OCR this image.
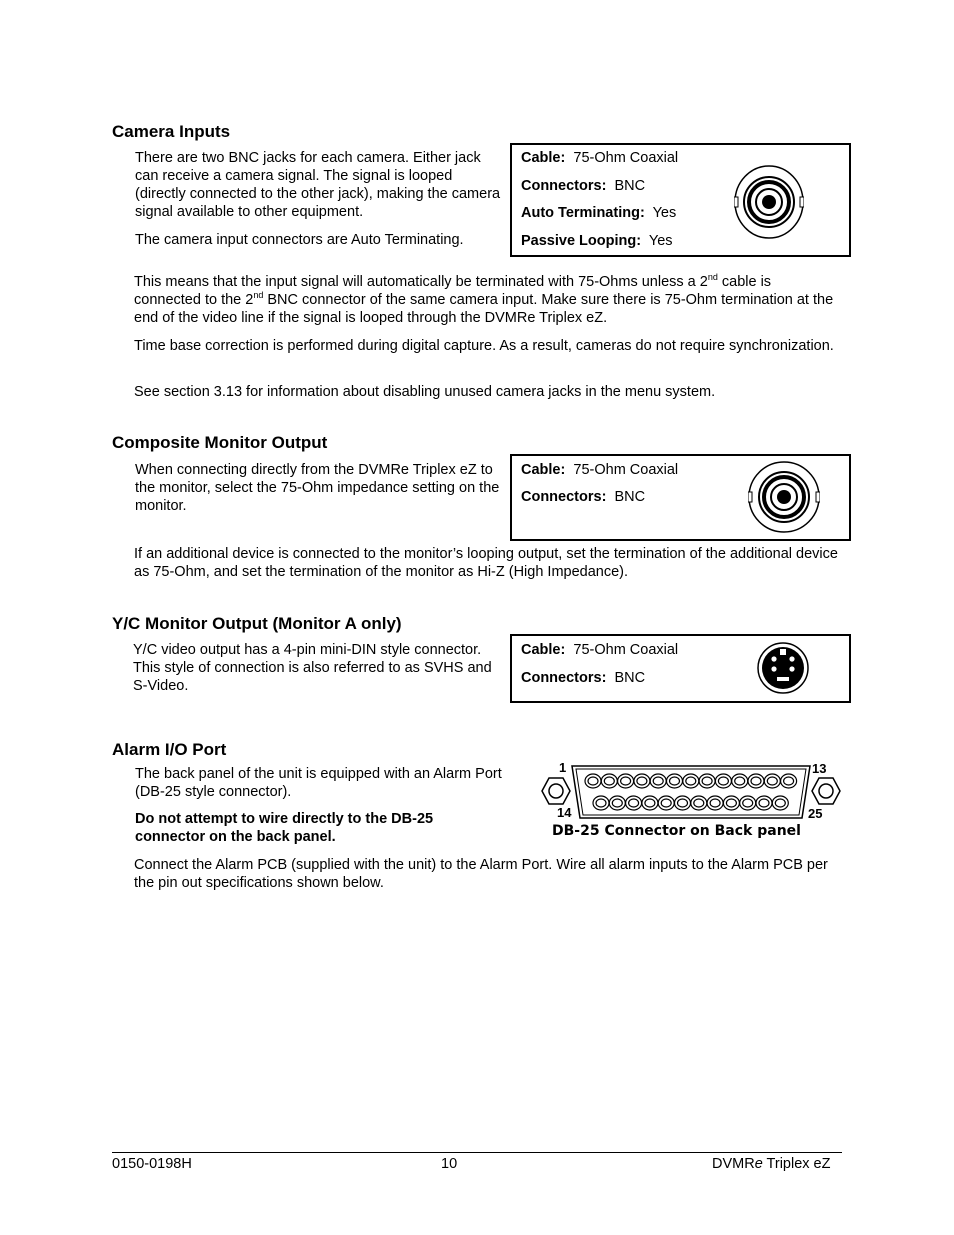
Camera Inputs

There are two BNC jacks for each camera. Either jack can receive a camera signal. The signal is looped (directly connected to the other jack), making the camera signal available to other equipment.

The camera input connectors are Auto Terminating.

Cable: 75-Ohm Coaxial
Connectors: BNC
Auto Terminating: Yes
Passive Looping: Yes

This means that the input signal will automatically be terminated with 75-Ohms unless a 2nd cable is connected to the 2nd BNC connector of the same camera input. Make sure there is 75-Ohm termination at the end of the video line if the signal is looped through the DVMRe Triplex eZ.

Time base correction is performed during digital capture. As a result, cameras do not require synchronization.

See section 3.13 for information about disabling unused camera jacks in the menu system.

Composite Monitor Output

When connecting directly from the DVMRe Triplex eZ to the monitor, select the 75-Ohm impedance setting on the monitor.

Cable: 75-Ohm Coaxial
Connectors: BNC

If an additional device is connected to the monitor’s looping output, set the termination of the additional device as 75-Ohm, and set the termination of the monitor as Hi-Z (High Impedance).

Y/C Monitor Output (Monitor A only)

Y/C video output has a 4-pin mini-DIN style connector. This style of connection is also referred to as SVHS and S-Video.

Cable: 75-Ohm Coaxial
Connectors: BNC
Alarm I/O Port

The back panel of the unit is equipped with an Alarm Port (DB-25 style connector).

Do not attempt to wire directly to the DB-25 connector on the back panel.

1	13
14	25
DB-25 Connector on Back panel

Connect the Alarm PCB (supplied with the unit) to the Alarm Port. Wire all alarm inputs to the Alarm PCB per the pin out specifications shown below.

0150-0198H	10	DVMRe Triplex eZ
